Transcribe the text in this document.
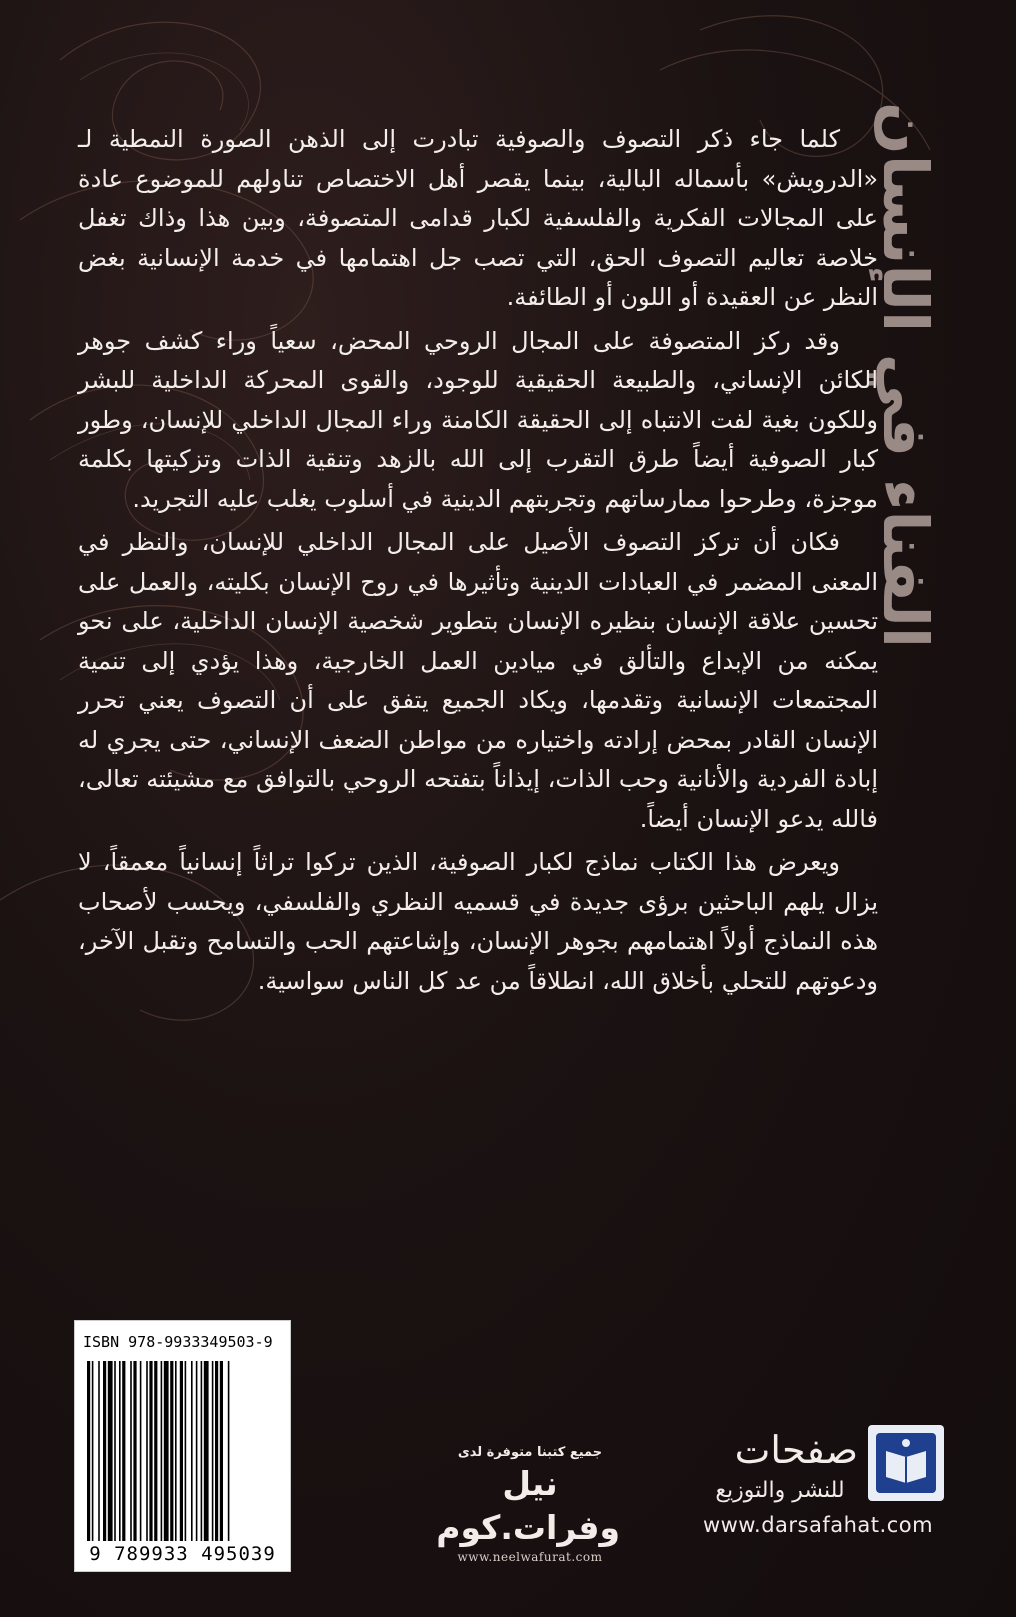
الفناء في الإنسان

كلما جاء ذكر التصوف والصوفية تبادرت إلى الذهن الصورة النمطية لـ «الدرويش» بأسماله البالية، بينما يقصر أهل الاختصاص تناولهم للموضوع عادة على المجالات الفكرية والفلسفية لكبار قدامى المتصوفة، وبين هذا وذاك تغفل خلاصة تعاليم التصوف الحق، التي تصب جل اهتمامها في خدمة الإنسانية بغض النظر عن العقيدة أو اللون أو الطائفة.

وقد ركز المتصوفة على المجال الروحي المحض، سعياً وراء كشف جوهر الكائن الإنساني، والطبيعة الحقيقية للوجود، والقوى المحركة الداخلية للبشر وللكون بغية لفت الانتباه إلى الحقيقة الكامنة وراء المجال الداخلي للإنسان، وطور كبار الصوفية أيضاً طرق التقرب إلى الله بالزهد وتنقية الذات وتزكيتها بكلمة موجزة، وطرحوا ممارساتهم وتجربتهم الدينية في أسلوب يغلب عليه التجريد.

فكان أن تركز التصوف الأصيل على المجال الداخلي للإنسان، والنظر في المعنى المضمر في العبادات الدينية وتأثيرها في روح الإنسان بكليته، والعمل على تحسين علاقة الإنسان بنظيره الإنسان بتطوير شخصية الإنسان الداخلية، على نحو يمكنه من الإبداع والتألق في ميادين العمل الخارجية، وهذا يؤدي إلى تنمية المجتمعات الإنسانية وتقدمها، ويكاد الجميع يتفق على أن التصوف يعني تحرر الإنسان القادر بمحض إرادته واختياره من مواطن الضعف الإنساني، حتى يجري له إبادة الفردية والأنانية وحب الذات، إيذاناً بتفتحه الروحي بالتوافق مع مشيئته تعالى، فالله يدعو الإنسان أيضاً.

ويعرض هذا الكتاب نماذج لكبار الصوفية، الذين تركوا تراثاً إنسانياً معمقاً، لا يزال يلهم الباحثين برؤى جديدة في قسميه النظري والفلسفي، ويحسب لأصحاب هذه النماذج أولاً اهتمامهم بجوهر الإنسان، وإشاعتهم الحب والتسامح وتقبل الآخر، ودعوتهم للتحلي بأخلاق الله، انطلاقاً من عد كل الناس سواسية.

ISBN 978-9933349503-9
9 789933 495039
جميع كتبنا متوفرة لدى
نيل وفرات.كوم
www.neelwafurat.com
صفحات
للنشر والتوزيع
www.darsafahat.com
